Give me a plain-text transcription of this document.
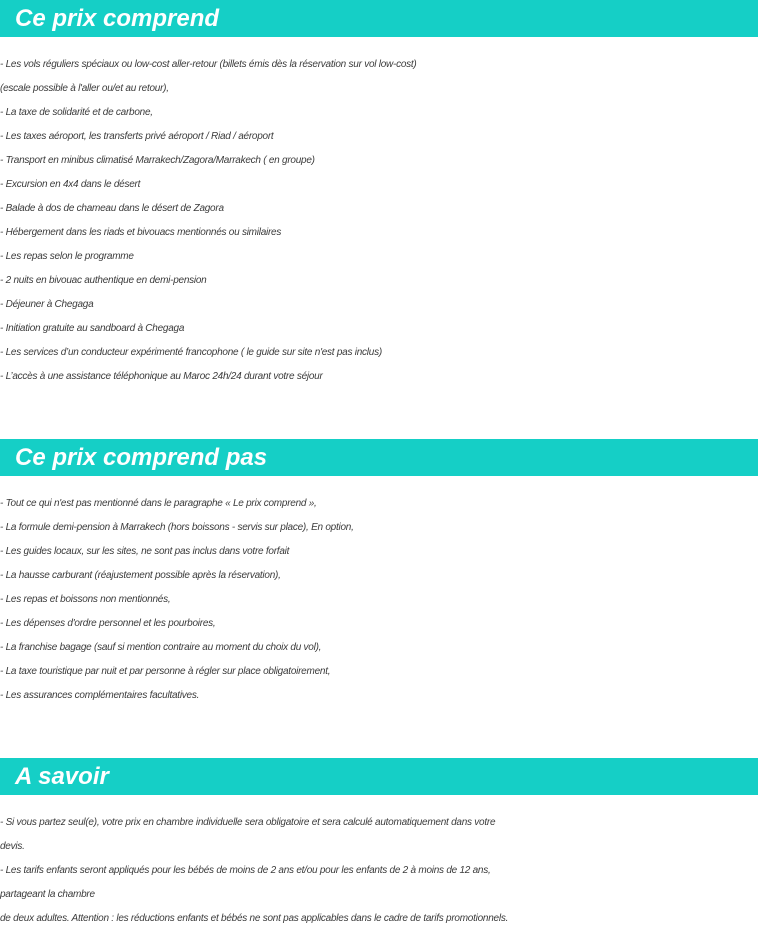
Ce prix comprend
- Les vols réguliers spéciaux ou low-cost aller-retour (billets émis dès la réservation sur vol low-cost)
(escale possible à l'aller ou/et au retour),
- La taxe de solidarité et de carbone,
- Les taxes aéroport, les transferts privé aéroport / Riad / aéroport
- Transport en minibus climatisé Marrakech/Zagora/Marrakech ( en groupe)
- Excursion en 4x4 dans le désert
- Balade à dos de chameau dans le désert de Zagora
- Hébergement dans les riads et bivouacs mentionnés ou similaires
- Les repas selon le programme
- 2 nuits en bivouac authentique en demi-pension
- Déjeuner à Chegaga
- Initiation gratuite au sandboard à Chegaga
- Les services d’un conducteur expérimenté francophone ( le guide sur site n'est pas inclus)
- L’accès à une assistance téléphonique au Maroc 24h/24 durant votre séjour
Ce prix comprend pas
- Tout ce qui n'est pas mentionné dans le paragraphe « Le prix comprend »,
- La formule demi-pension à Marrakech (hors boissons - servis sur place), En option,
- Les guides locaux, sur les sites, ne sont pas inclus dans votre forfait
- La hausse carburant (réajustement possible après la réservation),
- Les repas et boissons non mentionnés,
- Les dépenses d'ordre personnel et les pourboires,
- La franchise bagage (sauf si mention contraire au moment du choix du vol),
- La taxe touristique par nuit et par personne à régler sur place obligatoirement,
- Les assurances complémentaires facultatives.
A savoir
- Si vous partez seul(e), votre prix en chambre individuelle sera obligatoire et sera calculé automatiquement dans votre
devis.
- Les tarifs enfants seront appliqués pour les bébés de moins de 2 ans et/ou pour les enfants de 2 à moins de 12 ans,
partageant la chambre
de deux adultes. Attention : les réductions enfants et bébés ne sont pas applicables dans le cadre de tarifs promotionnels.
